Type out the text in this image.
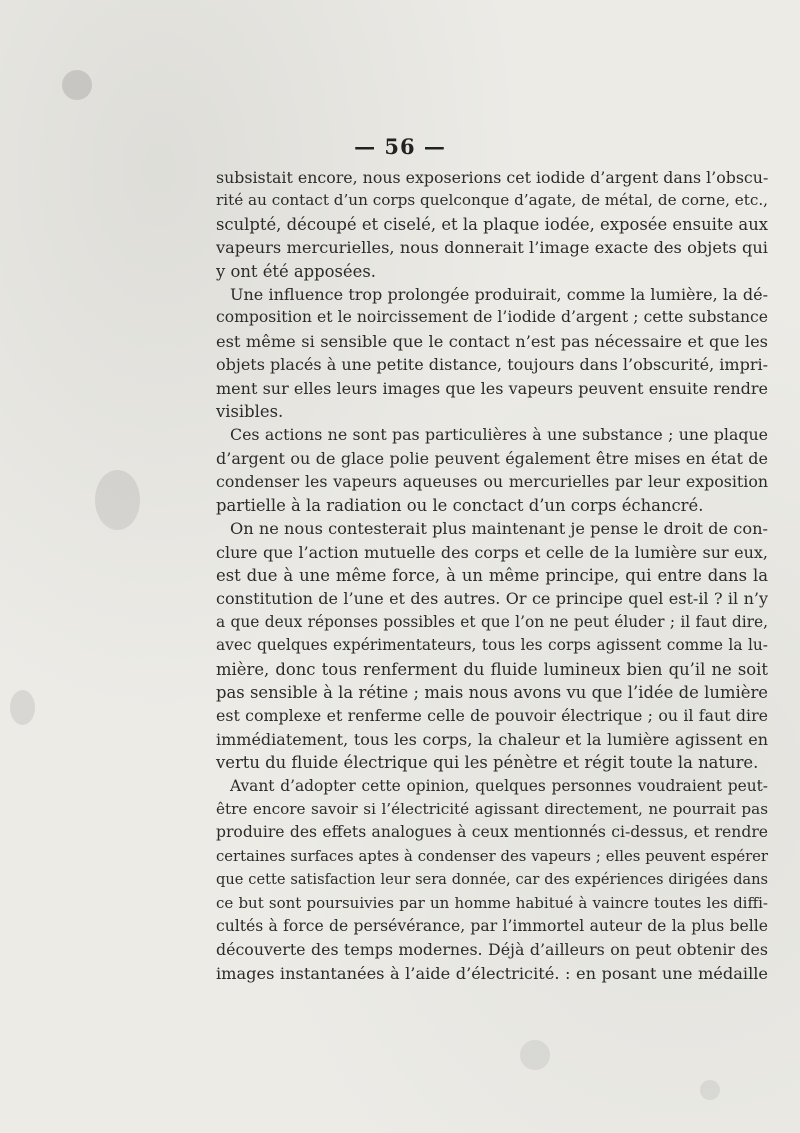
— 56 —
subsistait encore, nous exposerions cet iodide d’argent dans l’obscu-
rité au contact d’un corps quelconque d’agate, de métal, de corne, etc.,
sculpté, découpé et ciselé, et la plaque iodée, exposée ensuite aux
vapeurs mercurielles, nous donnerait l’image exacte des objets qui
y ont été apposées.
Une influence trop prolongée produirait, comme la lumière, la dé-
composition et le noircissement de l’iodide d’argent ; cette substance
est même si sensible que le contact n’est pas nécessaire et que les
objets placés à une petite distance, toujours dans l’obscurité, impri-
ment sur elles leurs images que les vapeurs peuvent ensuite rendre
visibles.
Ces actions ne sont pas particulières à une substance ; une plaque
d’argent ou de glace polie peuvent également être mises en état de
condenser les vapeurs aqueuses ou mercurielles par leur exposition
partielle à la radiation ou le conctact d’un corps échancré.
On ne nous contesterait plus maintenant je pense le droit de con-
clure que l’action mutuelle des corps et celle de la lumière sur eux,
est due à une même force, à un même principe, qui entre dans la
constitution de l’une et des autres. Or ce principe quel est-il ? il n’y
a que deux réponses possibles et que l’on ne peut éluder ; il faut dire,
avec quelques expérimentateurs, tous les corps agissent comme la lu-
mière, donc tous renferment du fluide lumineux bien qu’il ne soit
pas sensible à la rétine ; mais nous avons vu que l’idée de lumière
est complexe et renferme celle de pouvoir électrique ; ou il faut dire
immédiatement, tous les corps, la chaleur et la lumière agissent en
vertu du fluide électrique qui les pénètre et régit toute la nature.
Avant d’adopter cette opinion, quelques personnes voudraient peut-
être encore savoir si l’électricité agissant directement, ne pourrait pas
produire des effets analogues à ceux mentionnés ci-dessus, et rendre
certaines surfaces aptes à condenser des vapeurs ; elles peuvent espérer
que cette satisfaction leur sera donnée, car des expériences dirigées dans
ce but sont poursuivies par un homme habitué à vaincre toutes les diffi-
cultés à force de persévérance, par l’immortel auteur de la plus belle
découverte des temps modernes. Déjà d’ailleurs on peut obtenir des
images instantanées à l’aide d’électricité. : en posant une médaille
